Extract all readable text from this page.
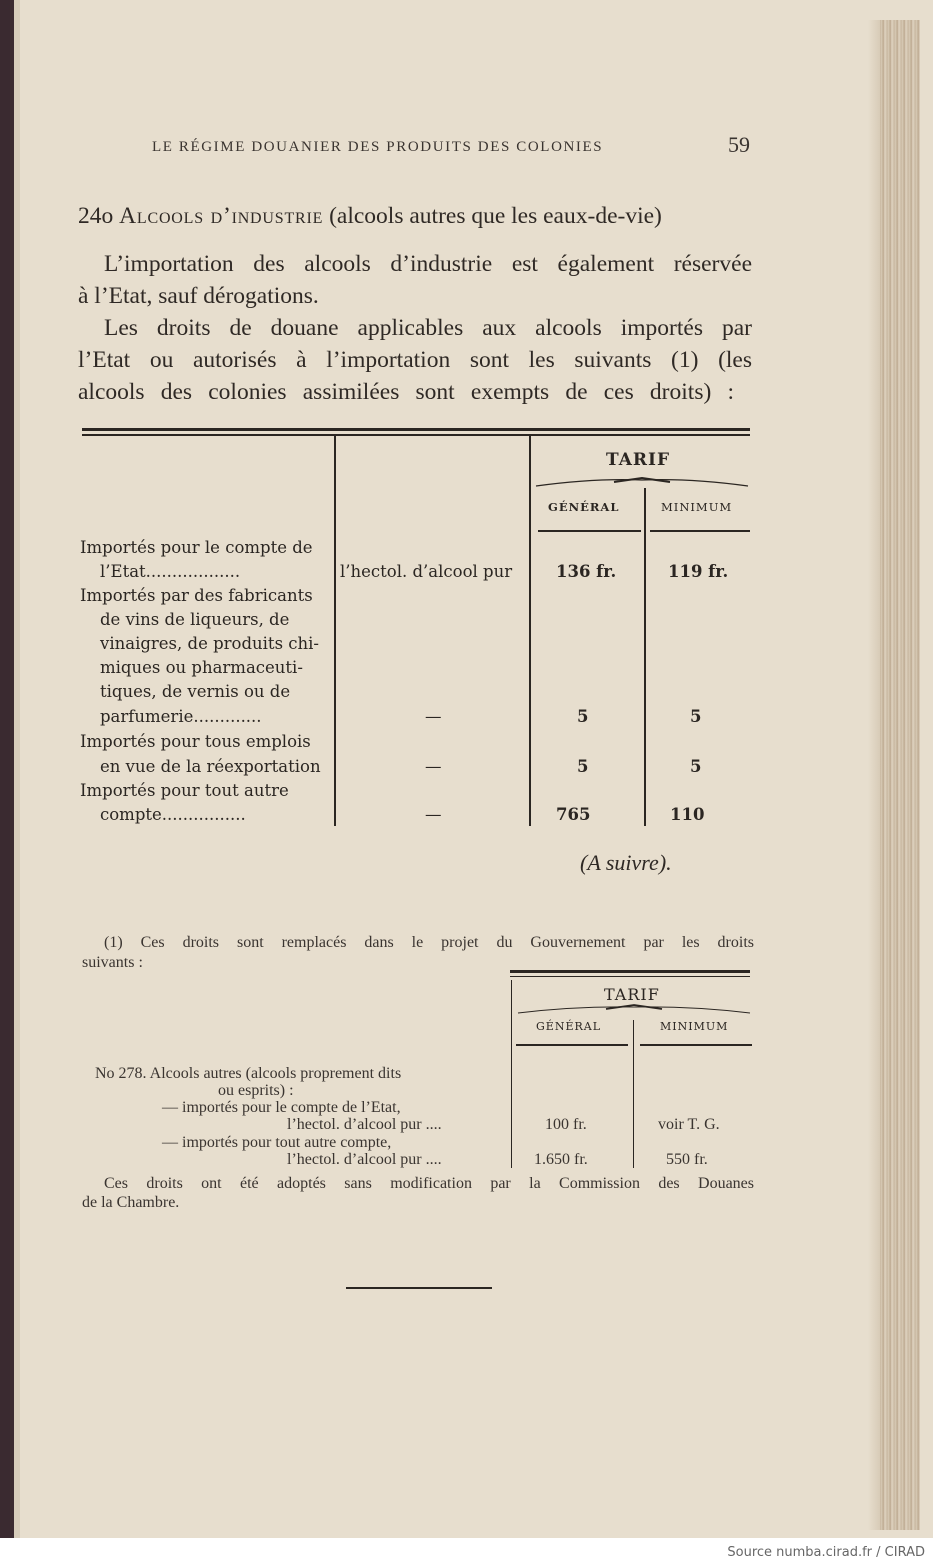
LE RÉGIME DOUANIER DES PRODUITS DES COLONIES	59
24o Alcools d’industrie (alcools autres que les eaux-de-vie)
L’importation des alcools d’industrie est également réservée
à l’Etat, sauf dérogations.
Les droits de douane applicables aux alcools importés par
l’Etat ou autorisés à l’importation sont les suivants (1) (les
alcools des colonies assimilées sont exempts de ces droits) :
TARIF
GÉNÉRAL	MINIMUM
Importés pour le compte de
l’Etat..................	l’hectol. d’alcool pur	136 fr.	119 fr.
Importés par des fabricants
de vins de liqueurs, de
vinaigres, de produits chi-
miques ou pharmaceuti-
tiques, de vernis ou de
parfumerie.............	—	5	5
Importés pour tous emplois
en vue de la réexportation	—	5	5
Importés pour tout autre
compte................	—	765	110
(A suivre).
(1) Ces droits sont remplacés dans le projet du Gouvernement par les droits
suivants :
TARIF
GÉNÉRAL	MINIMUM
No 278. Alcools autres (alcools proprement dits
ou esprits) :
— importés pour le compte de l’Etat,
l’hectol. d’alcool pur ....	100 fr.	voir T. G.
— importés pour tout autre compte,
l’hectol. d’alcool pur ....	1.650 fr.	550 fr.
Ces droits ont été adoptés sans modification par la Commission des Douanes
de la Chambre.
Source numba.cirad.fr / CIRAD
